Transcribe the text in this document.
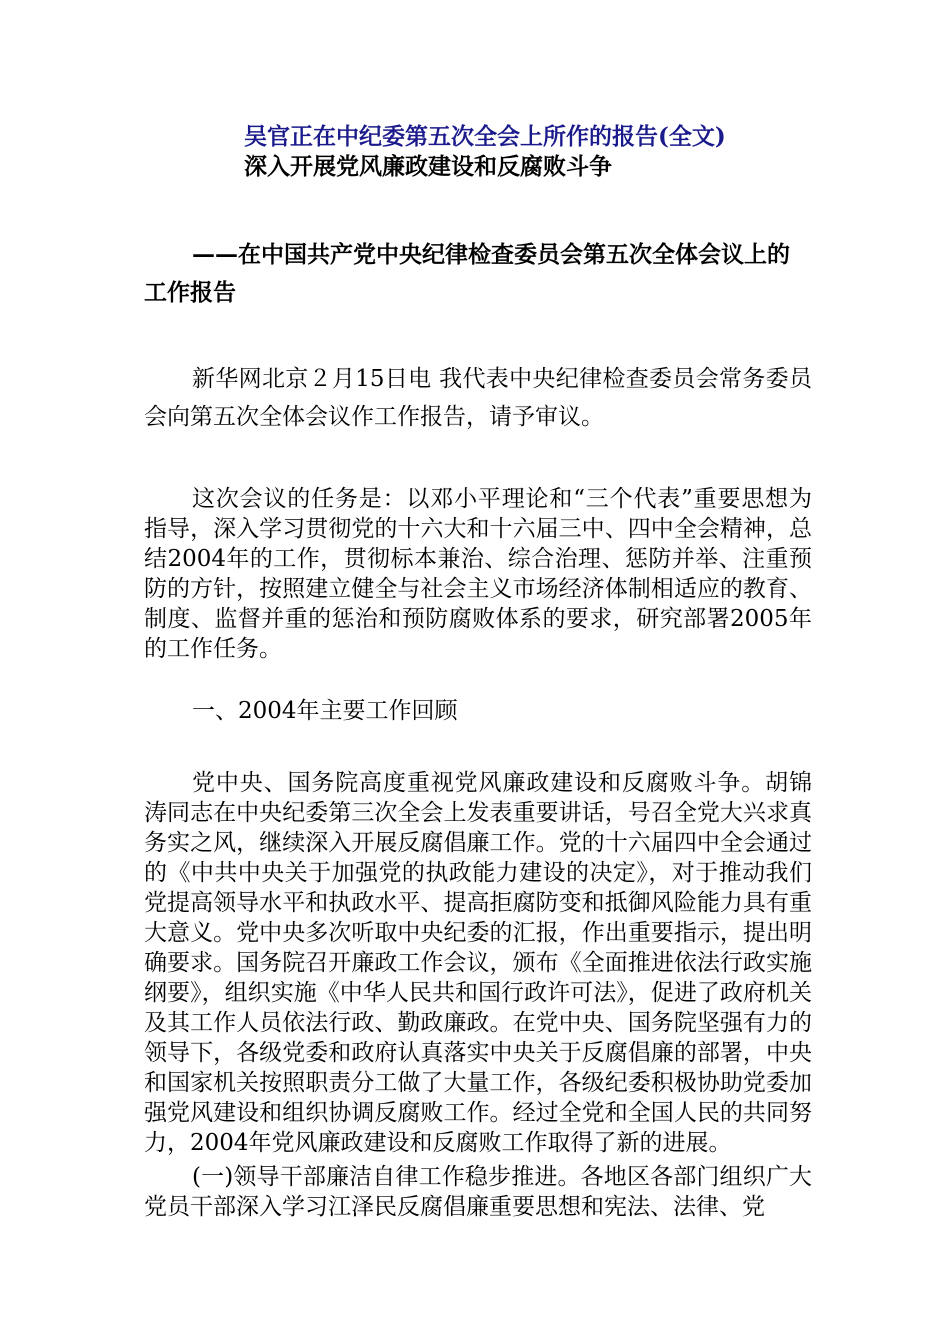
吴官正在中纪委第五次全会上所作的报告(全文)
深入开展党风廉政建设和反腐败斗争
——在中国共产党中央纪律检查委员会第五次全体会议上的工作报告
新华网北京２月15日电 我代表中央纪律检查委员会常务委员会向第五次全体会议作工作报告，请予审议。
这次会议的任务是：以邓小平理论和“三个代表”重要思想为指导，深入学习贯彻党的十六大和十六届三中、四中全会精神，总结2004年的工作，贯彻标本兼治、综合治理、惩防并举、注重预防的方针，按照建立健全与社会主义市场经济体制相适应的教育、制度、监督并重的惩治和预防腐败体系的要求，研究部署2005年的工作任务。
一、2004年主要工作回顾
党中央、国务院高度重视党风廉政建设和反腐败斗争。胡锦涛同志在中央纪委第三次全会上发表重要讲话，号召全党大兴求真务实之风，继续深入开展反腐倡廉工作。党的十六届四中全会通过的《中共中央关于加强党的执政能力建设的决定》，对于推动我们党提高领导水平和执政水平、提高拒腐防变和抵御风险能力具有重大意义。党中央多次听取中央纪委的汇报，作出重要指示，提出明确要求。国务院召开廉政工作会议，颁布《全面推进依法行政实施纲要》，组织实施《中华人民共和国行政许可法》，促进了政府机关及其工作人员依法行政、勤政廉政。在党中央、国务院坚强有力的领导下，各级党委和政府认真落实中央关于反腐倡廉的部署，中央和国家机关按照职责分工做了大量工作，各级纪委积极协助党委加强党风建设和组织协调反腐败工作。经过全党和全国人民的共同努力，2004年党风廉政建设和反腐败工作取得了新的进展。
(一)领导干部廉洁自律工作稳步推进。各地区各部门组织广大党员干部深入学习江泽民反腐倡廉重要思想和宪法、法律、党
